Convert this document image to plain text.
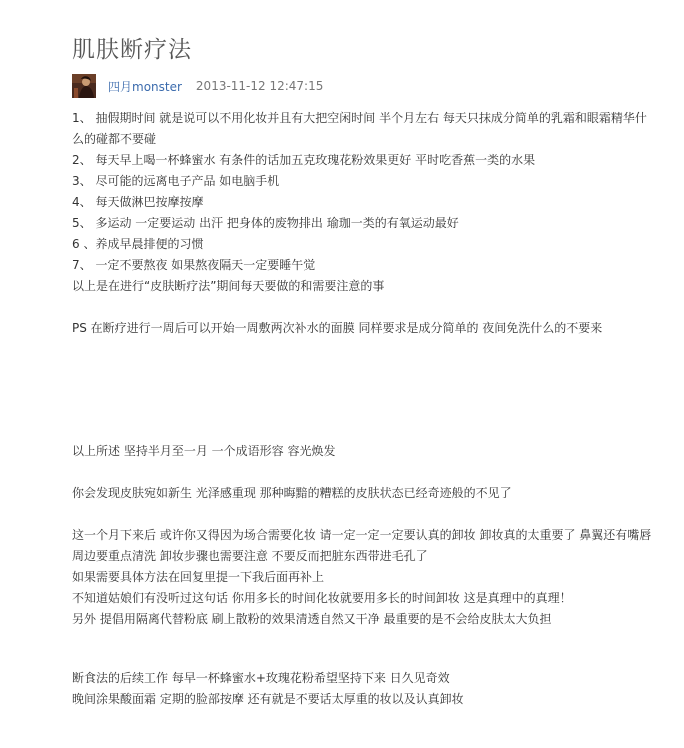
肌肤断疗法
四月monster 2013-11-12 12:47:15

1、 抽假期时间 就是说可以不用化妆并且有大把空闲时间 半个月左右 每天只抹成分简单的乳霜和眼霜精华什么的碰都不要碰

2、 每天早上喝一杯蜂蜜水 有条件的话加五克玫瑰花粉效果更好 平时吃香蕉一类的水果

3、 尽可能的远离电子产品 如电脑手机

4、 每天做淋巴按摩按摩

5、 多运动 一定要运动 出汗 把身体的废物排出 瑜珈一类的有氧运动最好

6 、养成早晨排便的习惯

7、 一定不要熬夜 如果熬夜隔天一定要睡午觉

以上是在进行“皮肤断疗法”期间每天要做的和需要注意的事

PS 在断疗进行一周后可以开始一周敷两次补水的面膜 同样要求是成分简单的 夜间免洗什么的不要来

以上所述 坚持半月至一月 一个成语形容 容光焕发

你会发现皮肤宛如新生 光泽感重现 那种晦黯的糟糕的皮肤状态已经奇迹般的不见了

这一个月下来后 或许你又得因为场合需要化妆 请一定一定一定要认真的卸妆 卸妆真的太重要了 鼻翼还有嘴唇周边要重点清洗 卸妆步骤也需要注意 不要反而把脏东西带进毛孔了

如果需要具体方法在回复里提一下我后面再补上

不知道姑娘们有没听过这句话 你用多长的时间化妆就要用多长的时间卸妆 这是真理中的真理！

另外 提倡用隔离代替粉底 刷上散粉的效果清透自然又干净 最重要的是不会给皮肤太大负担

断食法的后续工作 每早一杯蜂蜜水+玫瑰花粉希望坚持下来 日久见奇效

晚间涂果酸面霜 定期的脸部按摩 还有就是不要话太厚重的妆以及认真卸妆
